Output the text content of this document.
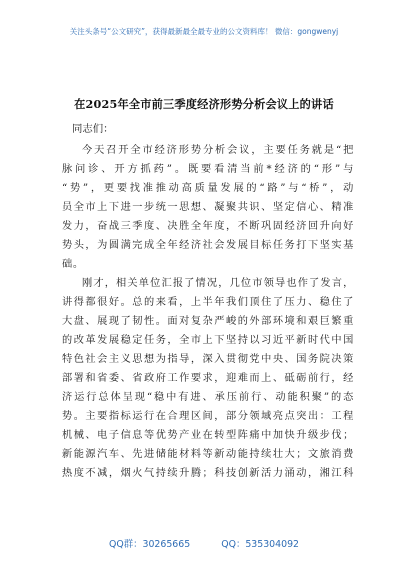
关注头条号“公文研究”，获得最新最全最专业的公文资料库！ 微信：gongwenyj
在2025年全市前三季度经济形势分析会议上的讲话
同志们：
今天召开全市经济形势分析会议，主要任务就是“把
脉问诊、开方抓药”。既要看清当前*经济的“形”与
“势”，更要找准推动高质量发展的“路”与“桥”，动
员全市上下进一步统一思想、凝聚共识、坚定信心、精准
发力，奋战三季度、决胜全年度，不断巩固经济回升向好
势头，为圆满完成全年经济社会发展目标任务打下坚实基
础。
刚才，相关单位汇报了情况，几位市领导也作了发言，
讲得都很好。总的来看，上半年我们顶住了压力、稳住了
大盘、展现了韧性。面对复杂严峻的外部环境和艰巨繁重
的改革发展稳定任务，全市上下坚持以习近平新时代中国
特色社会主义思想为指导，深入贯彻党中央、国务院决策
部署和省委、省政府工作要求，迎难而上、砥砺前行，经
济运行总体呈现“稳中有进、承压前行、动能积聚”的态
势。主要指标运行在合理区间，部分领域亮点突出：工程
机械、电子信息等优势产业在转型阵痛中加快升级步伐；
新能源汽车、先进储能材料等新动能持续壮大；文旅消费
热度不减，烟火气持续升腾；科技创新活力涌动，湘江科
QQ群：30265665	QQ：535304092
